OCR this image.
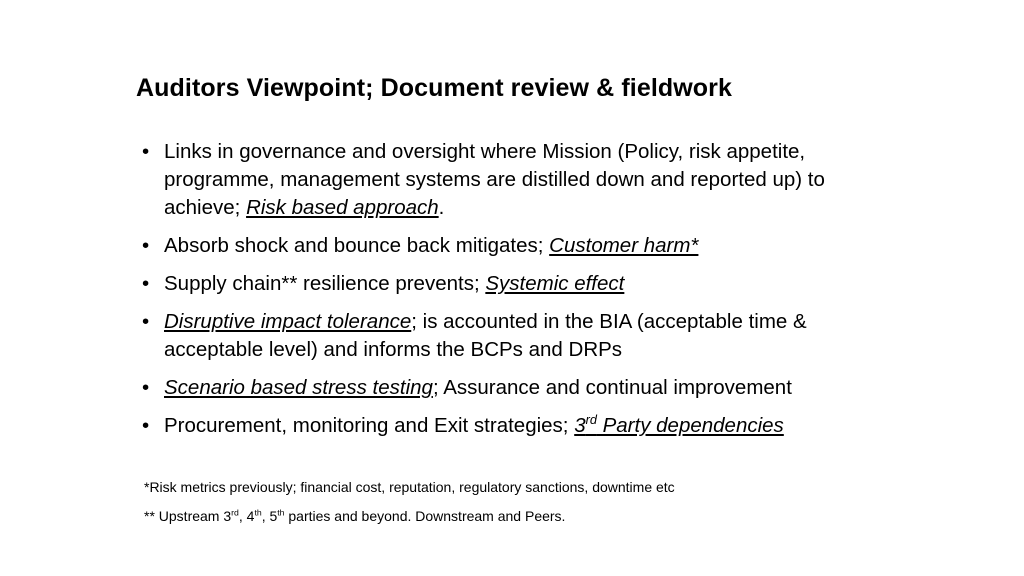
Auditors Viewpoint; Document review & fieldwork
• Links in governance and oversight where Mission (Policy, risk appetite, programme, management systems are distilled down and reported up) to achieve; Risk based approach.
• Absorb shock and bounce back mitigates; Customer harm*
• Supply chain** resilience prevents; Systemic effect
• Disruptive impact tolerance; is accounted in the BIA (acceptable time & acceptable level) and informs the BCPs and DRPs
• Scenario based stress testing; Assurance and continual improvement
• Procurement, monitoring and Exit strategies; 3rd Party dependencies
*Risk metrics previously; financial cost, reputation, regulatory sanctions, downtime etc
** Upstream 3rd, 4th, 5th parties and beyond. Downstream and Peers.
